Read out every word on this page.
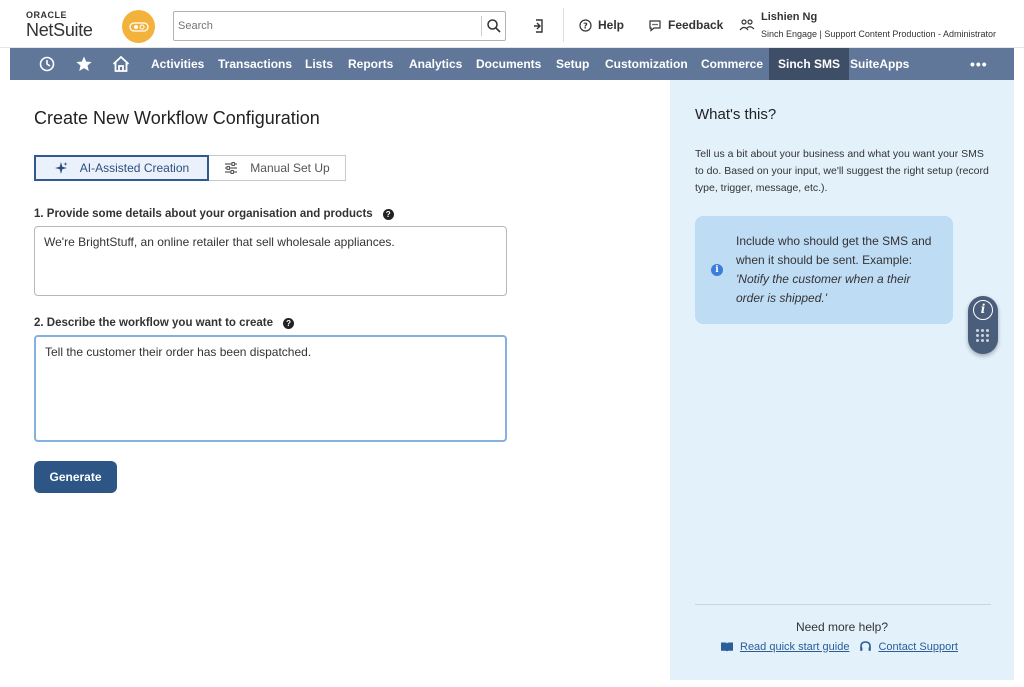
ORACLE
NetSuite
Search	? Help	Feedback
Lishien Ng
Sinch Engage | Support Content Production - Administrator
Activities Transactions Lists Reports Analytics Documents Setup Customization Commerce	Sinch SMS SuiteApps	•••
Create New Workflow Configuration
AI-Assisted Creation	Manual Set Up
1. Provide some details about your organisation and products	?
We're BrightStuff, an online retailer that sell wholesale appliances.
2. Describe the workflow you want to create	?
Tell the customer their order has been dispatched.
Generate
What's this?
Tell us a bit about your business and what you want your SMS to do. Based on your input, we'll suggest the right setup (record type, trigger, message, etc.).
i
Include who should get the SMS and when it should be sent. Example: 'Notify the customer when a their order is shipped.'
i
Need more help?
Read quick start guide	Contact Support
